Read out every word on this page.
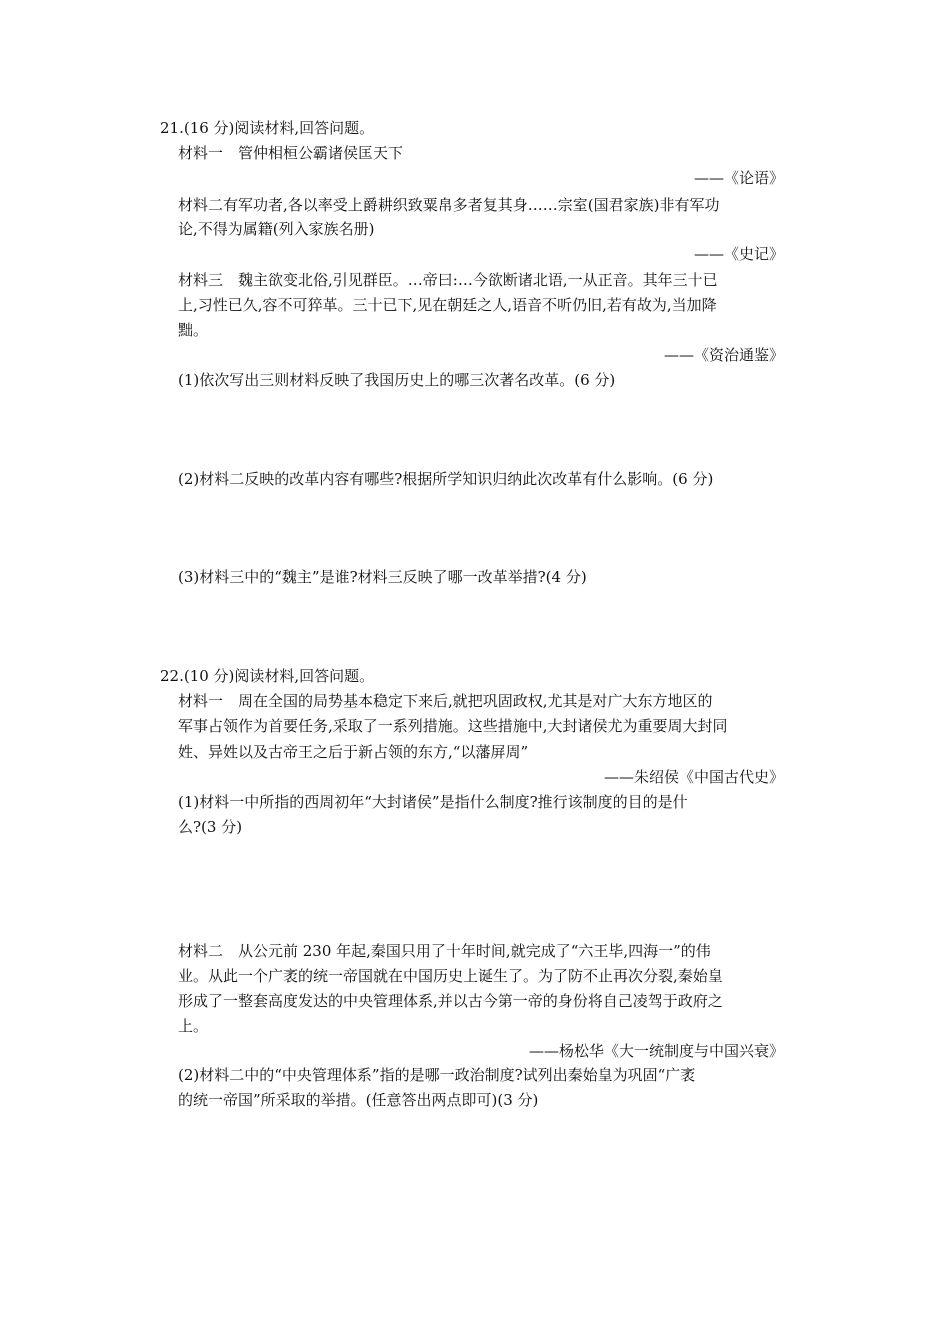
21.(16 分)阅读材料,回答问题。
材料一　管仲相桓公霸诸侯匡天下
——《论语》
材料二有军功者,各以率受上爵耕织致粟帛多者复其身……宗室(国君家族)非有军功
论,不得为属籍(列入家族名册)
——《史记》
材料三　魏主欲变北俗,引见群臣。…帝曰:…今欲断诸北语,一从正音。其年三十已
上,习性已久,容不可猝革。三十已下,见在朝廷之人,语音不听仍旧,若有故为,当加降
黜。
——《资治通鉴》
(1)依次写出三则材料反映了我国历史上的哪三次著名改革。(6 分)
(2)材料二反映的改革内容有哪些?根据所学知识归纳此次改革有什么影响。(6 分)
(3)材料三中的“魏主”是谁?材料三反映了哪一改革举措?(4 分)
22.(10 分)阅读材料,回答问题。
材料一　周在全国的局势基本稳定下来后,就把巩固政权,尤其是对广大东方地区的
军事占领作为首要任务,采取了一系列措施。这些措施中,大封诸侯尤为重要周大封同
姓、异姓以及古帝王之后于新占领的东方,“以藩屏周”
——朱绍侯《中国古代史》
(1)材料一中所指的西周初年“大封诸侯”是指什么制度?推行该制度的目的是什
么?(3 分)
材料二　从公元前 230 年起,秦国只用了十年时间,就完成了“六王毕,四海一”的伟
业。从此一个广袤的统一帝国就在中国历史上诞生了。为了防不止再次分裂,秦始皇
形成了一整套高度发达的中央管理体系,并以古今第一帝的身份将自己凌驾于政府之
上。
——杨松华《大一统制度与中国兴衰》
(2)材料二中的“中央管理体系”指的是哪一政治制度?试列出秦始皇为巩固“广袤
的统一帝国”所采取的举措。(任意答出两点即可)(3 分)
